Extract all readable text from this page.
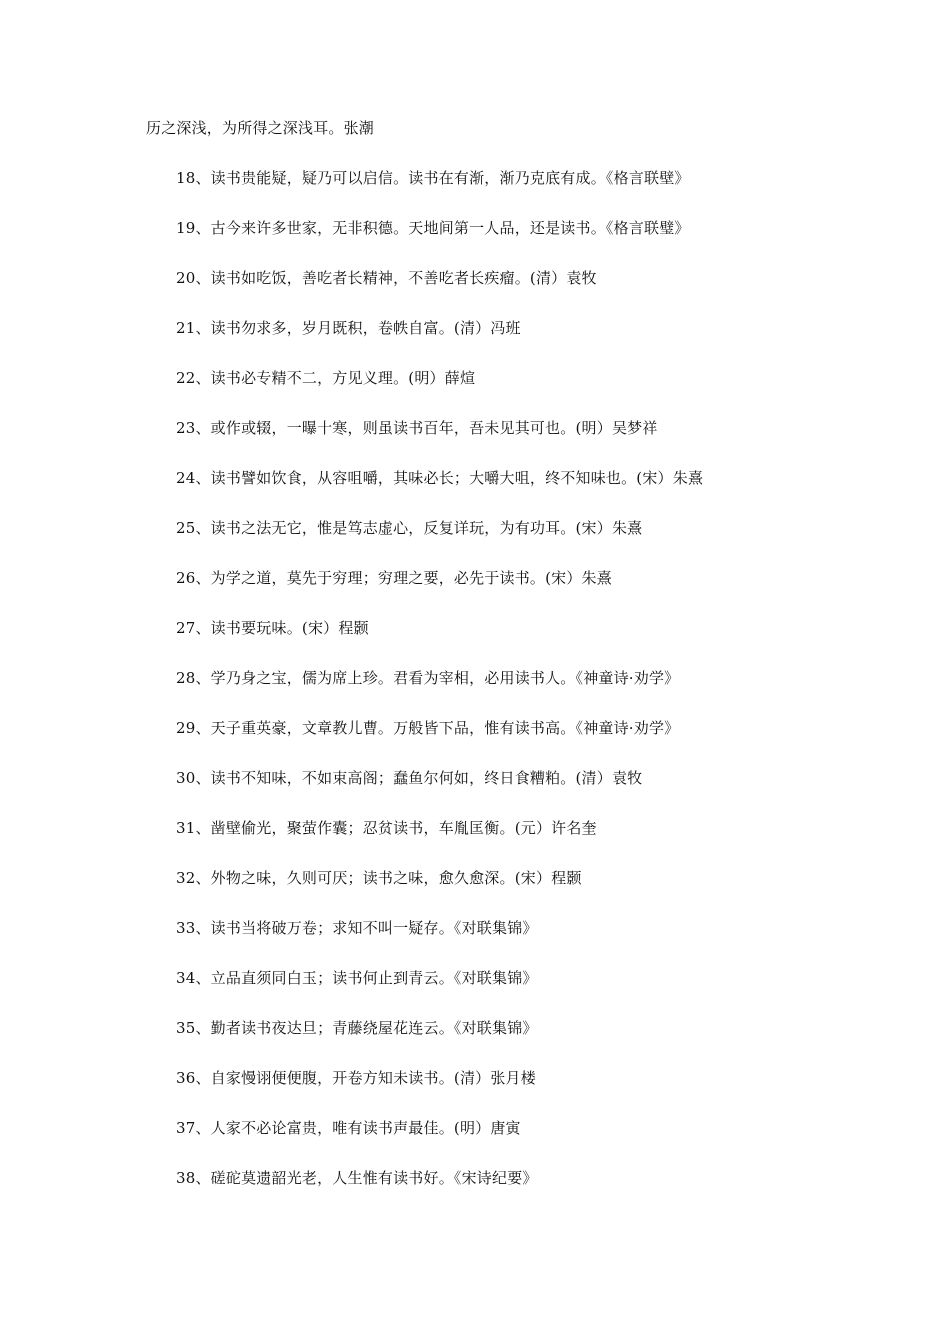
历之深浅，为所得之深浅耳。张潮
18、读书贵能疑，疑乃可以启信。读书在有渐，渐乃克底有成。《格言联壁》
19、古今来许多世家，无非积德。天地间第一人品，还是读书。《格言联璧》
20、读书如吃饭，善吃者长精神，不善吃者长疾瘤。(清）袁牧
21、读书勿求多，岁月既积，卷帙自富。(清）冯班
22、读书必专精不二，方见义理。(明）薛煊
23、或作或辍，一曝十寒，则虽读书百年，吾未见其可也。(明）吴梦祥
24、读书譬如饮食，从容咀嚼，其味必长；大嚼大咀，终不知味也。(宋）朱熹
25、读书之法无它，惟是笃志虚心，反复详玩，为有功耳。(宋）朱熹
26、为学之道，莫先于穷理；穷理之要，必先于读书。(宋）朱熹
27、读书要玩味。(宋）程颢
28、学乃身之宝，儒为席上珍。君看为宰相，必用读书人。《神童诗·劝学》
29、天子重英豪，文章教儿曹。万般皆下品，惟有读书高。《神童诗·劝学》
30、读书不知味，不如束高阁；蠢鱼尔何如，终日食糟粕。(清）袁牧
31、凿壁偷光，聚萤作囊；忍贫读书，车胤匡衡。(元）许名奎
32、外物之味，久则可厌；读书之味，愈久愈深。(宋）程颢
33、读书当将破万卷；求知不叫一疑存。《对联集锦》
34、立品直须同白玉；读书何止到青云。《对联集锦》
35、勤者读书夜达旦；青藤绕屋花连云。《对联集锦》
36、自家慢诩便便腹，开卷方知未读书。(清）张月楼
37、人家不必论富贵，唯有读书声最佳。(明）唐寅
38、磋砣莫遗韶光老，人生惟有读书好。《宋诗纪要》
